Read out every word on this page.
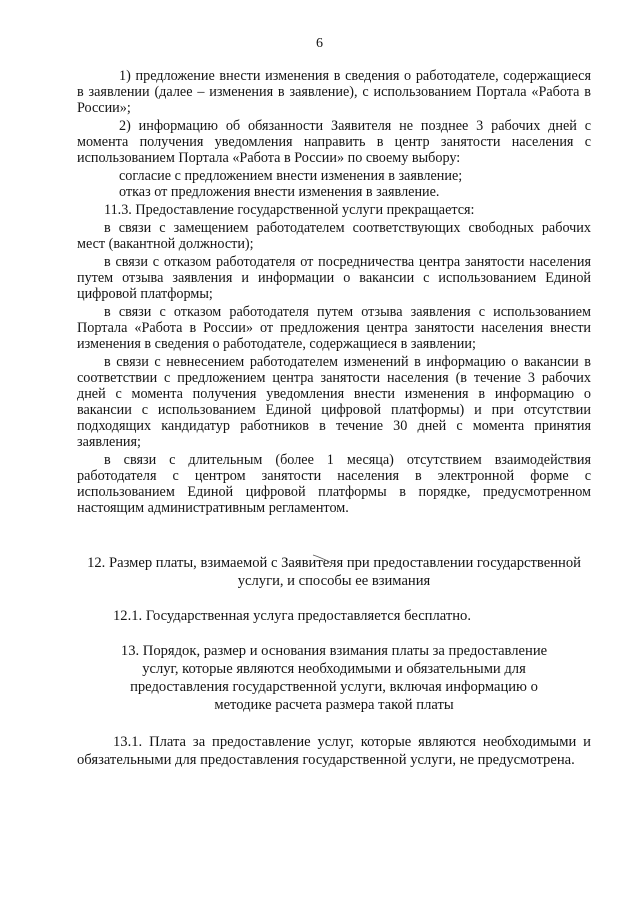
6

1) предложение внести изменения в сведения о работодателе, содержащиеся в заявлении (далее – изменения в заявление), с использованием Портала «Работа в России»;

2) информацию об обязанности Заявителя не позднее 3 рабочих дней с момента получения уведомления направить в центр занятости населения с использованием Портала «Работа в России» по своему выбору:

согласие с предложением внести изменения в заявление;

отказ от предложения внести изменения в заявление.

11.3. Предоставление государственной услуги прекращается:

в связи с замещением работодателем соответствующих свободных рабочих мест (вакантной должности);

в связи с отказом работодателя от посредничества центра занятости населения путем отзыва заявления и информации о вакансии с использованием Единой цифровой платформы;

в связи с отказом работодателя путем отзыва заявления с использованием Портала «Работа в России» от предложения центра занятости населения внести изменения в сведения о работодателе, содержащиеся в заявлении;

в связи с невнесением работодателем изменений в информацию о вакансии в соответствии с предложением центра занятости населения (в течение 3 рабочих дней с момента получения уведомления внести изменения в информацию о вакансии с использованием Единой цифровой платформы) и при отсутствии подходящих кандидатур работников в течение 30 дней с момента принятия заявления;

в связи с длительным (более 1 месяца) отсутствием взаимодействия работодателя с центром занятости населения в электронной форме с использованием Единой цифровой платформы в порядке, предусмотренном настоящим административным регламентом.

12. Размер платы, взимаемой с Заявителя при предоставлении государственной услуги, и способы ее взимания

12.1. Государственная услуга предоставляется бесплатно.

13. Порядок, размер и основания взимания платы за предоставление услуг, которые являются необходимыми и обязательными для предоставления государственной услуги, включая информацию о методике расчета размера такой платы

13.1. Плата за предоставление услуг, которые являются необходимыми и обязательными для предоставления государственной услуги, не предусмотрена.
